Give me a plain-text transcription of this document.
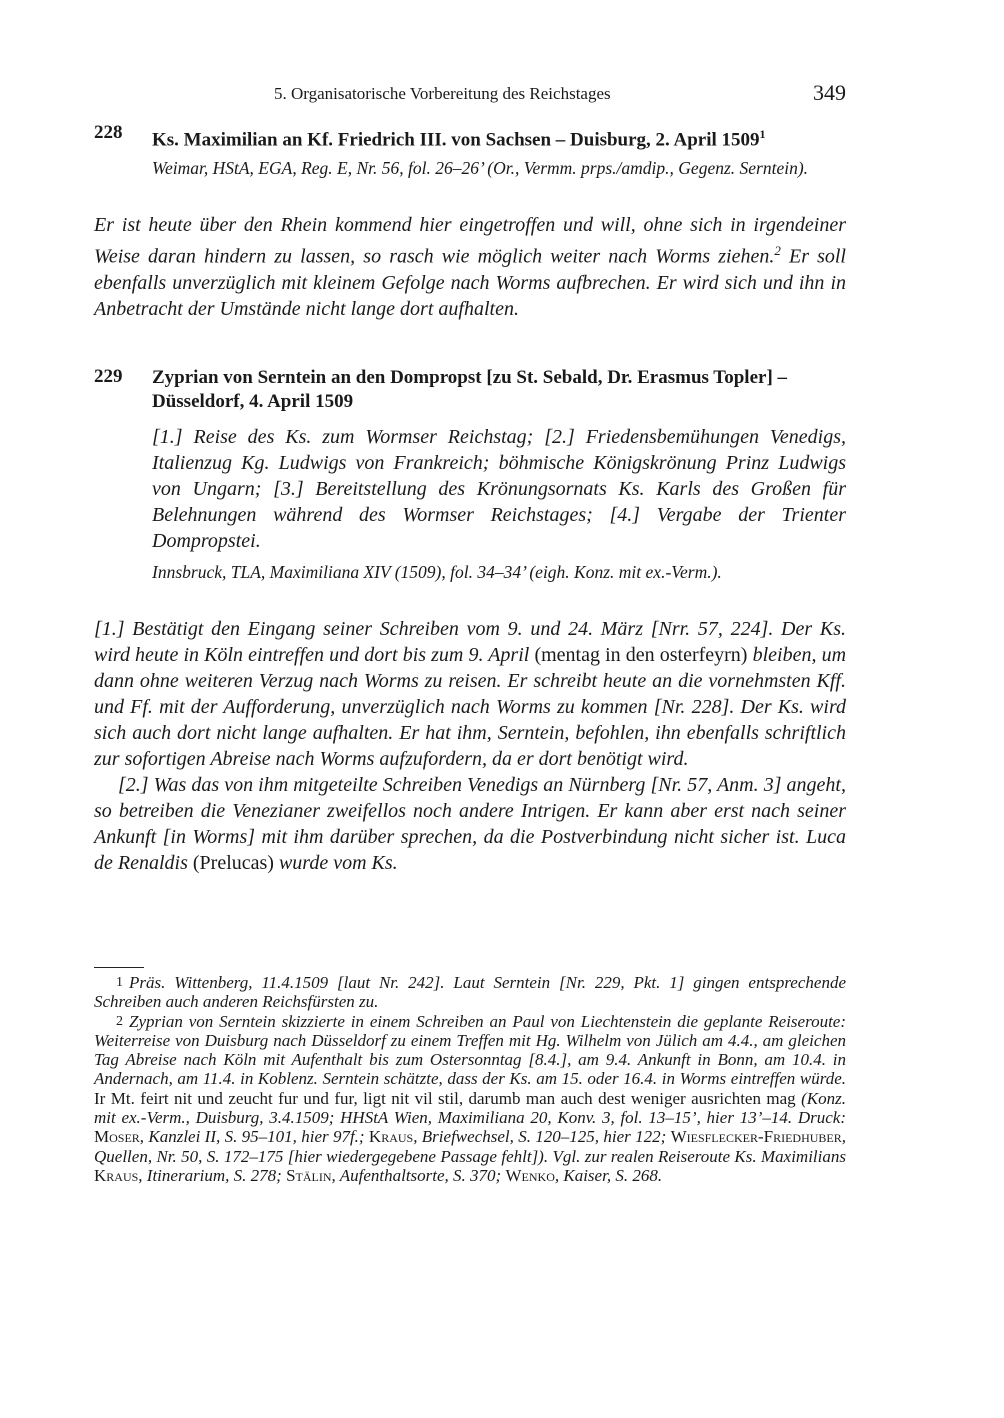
5. Organisatorische Vorbereitung des Reichstages	349
228 Ks. Maximilian an Kf. Friedrich III. von Sachsen – Duisburg, 2. April 1509$^1$
Weimar, HStA, EGA, Reg. E, Nr. 56, fol. 26–26’ (Or., Vermm. prps./amdip., Gegenz. Serntein).

Er ist heute über den Rhein kommend hier eingetroffen und will, ohne sich in irgendeiner Weise daran hindern zu lassen, so rasch wie möglich weiter nach Worms ziehen.$^2$ Er soll ebenfalls unverzüglich mit kleinem Gefolge nach Worms aufbrechen. Er wird sich und ihn in Anbetracht der Umstände nicht lange dort aufhalten.

229 Zyprian von Serntein an den Dompropst [zu St. Sebald, Dr. Erasmus Topler] – Düsseldorf, 4. April 1509
[1.] Reise des Ks. zum Wormser Reichstag; [2.] Friedensbemühungen Venedigs, Italienzug Kg. Ludwigs von Frankreich; böhmische Königskrönung Prinz Ludwigs von Ungarn; [3.] Bereitstellung des Krönungsornats Ks. Karls des Großen für Belehnungen während des Wormser Reichstages; [4.] Vergabe der Trienter Dompropstei.
Innsbruck, TLA, Maximiliana XIV (1509), fol. 34–34’ (eigh. Konz. mit ex.-Verm.).

[1.] Bestätigt den Eingang seiner Schreiben vom 9. und 24. März [Nrr. 57, 224]. Der Ks. wird heute in Köln eintreffen und dort bis zum 9. April (mentag in den osterfeyrn) bleiben, um dann ohne weiteren Verzug nach Worms zu reisen. Er schreibt heute an die vornehmsten Kff. und Ff. mit der Aufforderung, unverzüglich nach Worms zu kommen [Nr. 228]. Der Ks. wird sich auch dort nicht lange aufhalten. Er hat ihm, Serntein, befohlen, ihn ebenfalls schriftlich zur sofortigen Abreise nach Worms aufzufordern, da er dort benötigt wird.

[2.] Was das von ihm mitgeteilte Schreiben Venedigs an Nürnberg [Nr. 57, Anm. 3] angeht, so betreiben die Venezianer zweifellos noch andere Intrigen. Er kann aber erst nach seiner Ankunft [in Worms] mit ihm darüber sprechen, da die Postverbindung nicht sicher ist. Luca de Renaldis (Prelucas) wurde vom Ks.

1 Präs. Wittenberg, 11.4.1509 [laut Nr. 242]. Laut Serntein [Nr. 229, Pkt. 1] gingen entsprechende Schreiben auch anderen Reichsfürsten zu.

2 Zyprian von Serntein skizzierte in einem Schreiben an Paul von Liechtenstein die geplante Reiseroute: Weiterreise von Duisburg nach Düsseldorf zu einem Treffen mit Hg. Wilhelm von Jülich am 4.4., am gleichen Tag Abreise nach Köln mit Aufenthalt bis zum Ostersonntag [8.4.], am 9.4. Ankunft in Bonn, am 10.4. in Andernach, am 11.4. in Koblenz. Serntein schätzte, dass der Ks. am 15. oder 16.4. in Worms eintreffen würde. Ir Mt. feirt nit und zeucht fur und fur, ligt nit vil stil, darumb man auch dest weniger ausrichten mag (Konz. mit ex.-Verm., Duisburg, 3.4.1509; HHStA Wien, Maximiliana 20, Konv. 3, fol. 13–15’, hier 13’–14. Druck: Moser, Kanzlei II, S. 95–101, hier 97f.; Kraus, Briefwechsel, S. 120–125, hier 122; Wiesflecker-Friedhuber, Quellen, Nr. 50, S. 172–175 [hier wiedergegebene Passage fehlt]). Vgl. zur realen Reiseroute Ks. Maximilians Kraus, Itinerarium, S. 278; Stälin, Aufenthaltsorte, S. 370; Wenko, Kaiser, S. 268.
